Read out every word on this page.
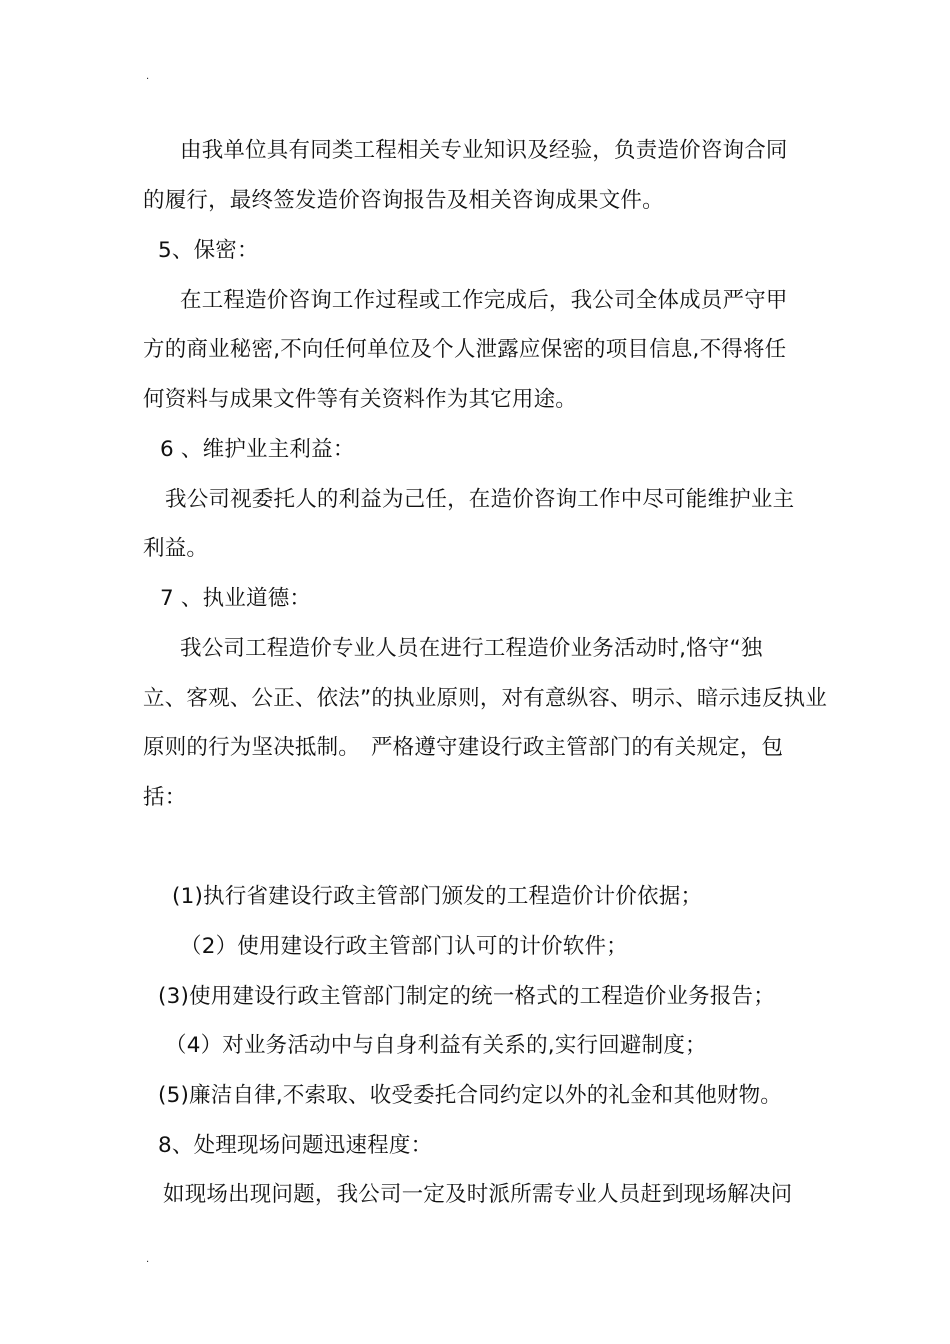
.
由我单位具有同类工程相关专业知识及经验，负责造价咨询合同
的履行，最终签发造价咨询报告及相关咨询成果文件。
5、保密：
在工程造价咨询工作过程或工作完成后，我公司全体成员严守甲
方的商业秘密,不向任何单位及个人泄露应保密的项目信息,不得将任
何资料与成果文件等有关资料作为其它用途。
6 、维护业主利益：
我公司视委托人的利益为己任，在造价咨询工作中尽可能维护业主
利益。
7 、执业道德：
我公司工程造价专业人员在进行工程造价业务活动时,恪守“独
立、客观、公正、依法”的执业原则，对有意纵容、明示、暗示违反执业
原则的行为坚决抵制。　严格遵守建设行政主管部门的有关规定，包
括：
(1)执行省建设行政主管部门颁发的工程造价计价依据；
（2）使用建设行政主管部门认可的计价软件；
(3)使用建设行政主管部门制定的统一格式的工程造价业务报告；
（4）对业务活动中与自身利益有关系的,实行回避制度；
(5)廉洁自律,不索取、收受委托合同约定以外的礼金和其他财物。
8、处理现场问题迅速程度：
如现场出现问题，我公司一定及时派所需专业人员赶到现场解决问
.
